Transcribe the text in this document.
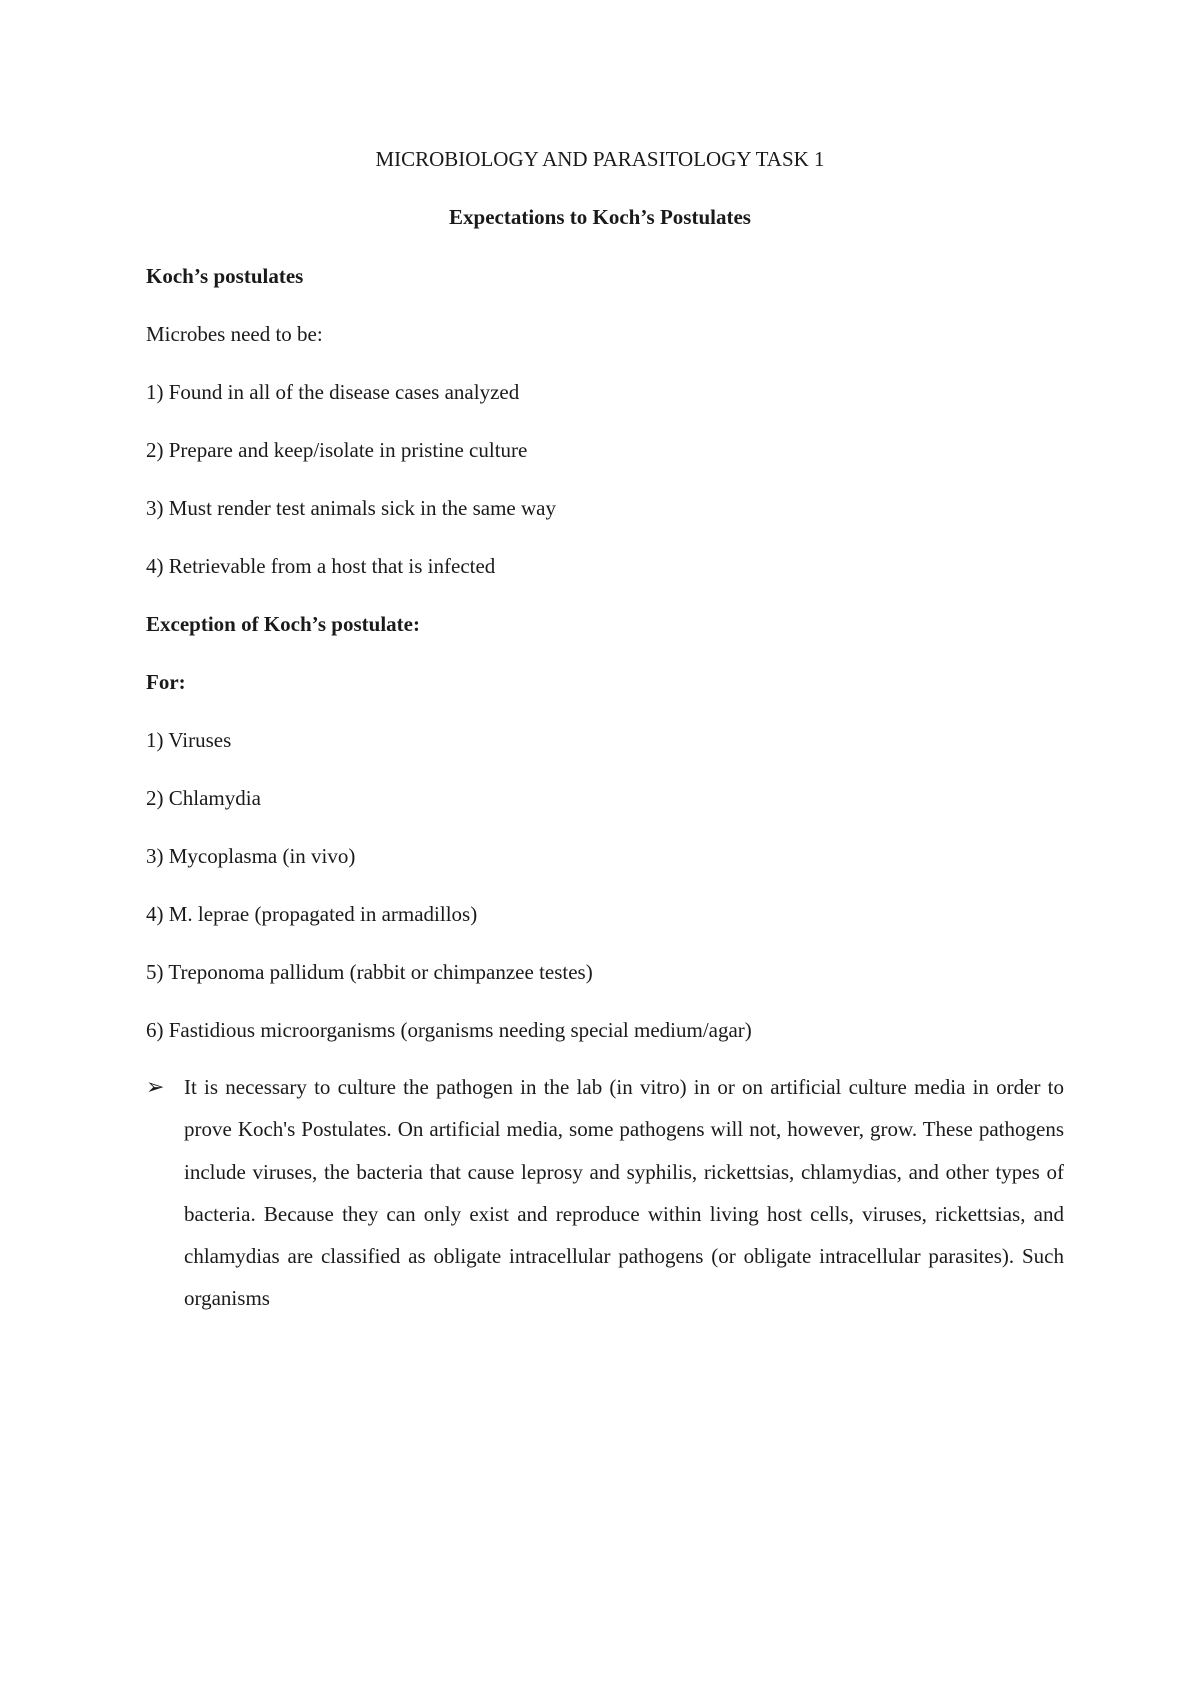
MICROBIOLOGY AND PARASITOLOGY TASK 1
Expectations to Koch’s Postulates
Koch’s postulates
Microbes need to be:
1) Found in all of the disease cases analyzed
2) Prepare and keep/isolate in pristine culture
3) Must render test animals sick in the same way
4) Retrievable from a host that is infected
Exception of Koch’s postulate:
For:
1) Viruses
2) Chlamydia
3) Mycoplasma (in vivo)
4) M. leprae (propagated in armadillos)
5) Treponoma pallidum (rabbit or chimpanzee testes)
6) Fastidious microorganisms (organisms needing special medium/agar)
➢ It is necessary to culture the pathogen in the lab (in vitro) in or on artificial culture media in order to prove Koch's Postulates. On artificial media, some pathogens will not, however, grow. These pathogens include viruses, the bacteria that cause leprosy and syphilis, rickettsias, chlamydias, and other types of bacteria. Because they can only exist and reproduce within living host cells, viruses, rickettsias, and chlamydias are classified as obligate intracellular pathogens (or obligate intracellular parasites). Such organisms
